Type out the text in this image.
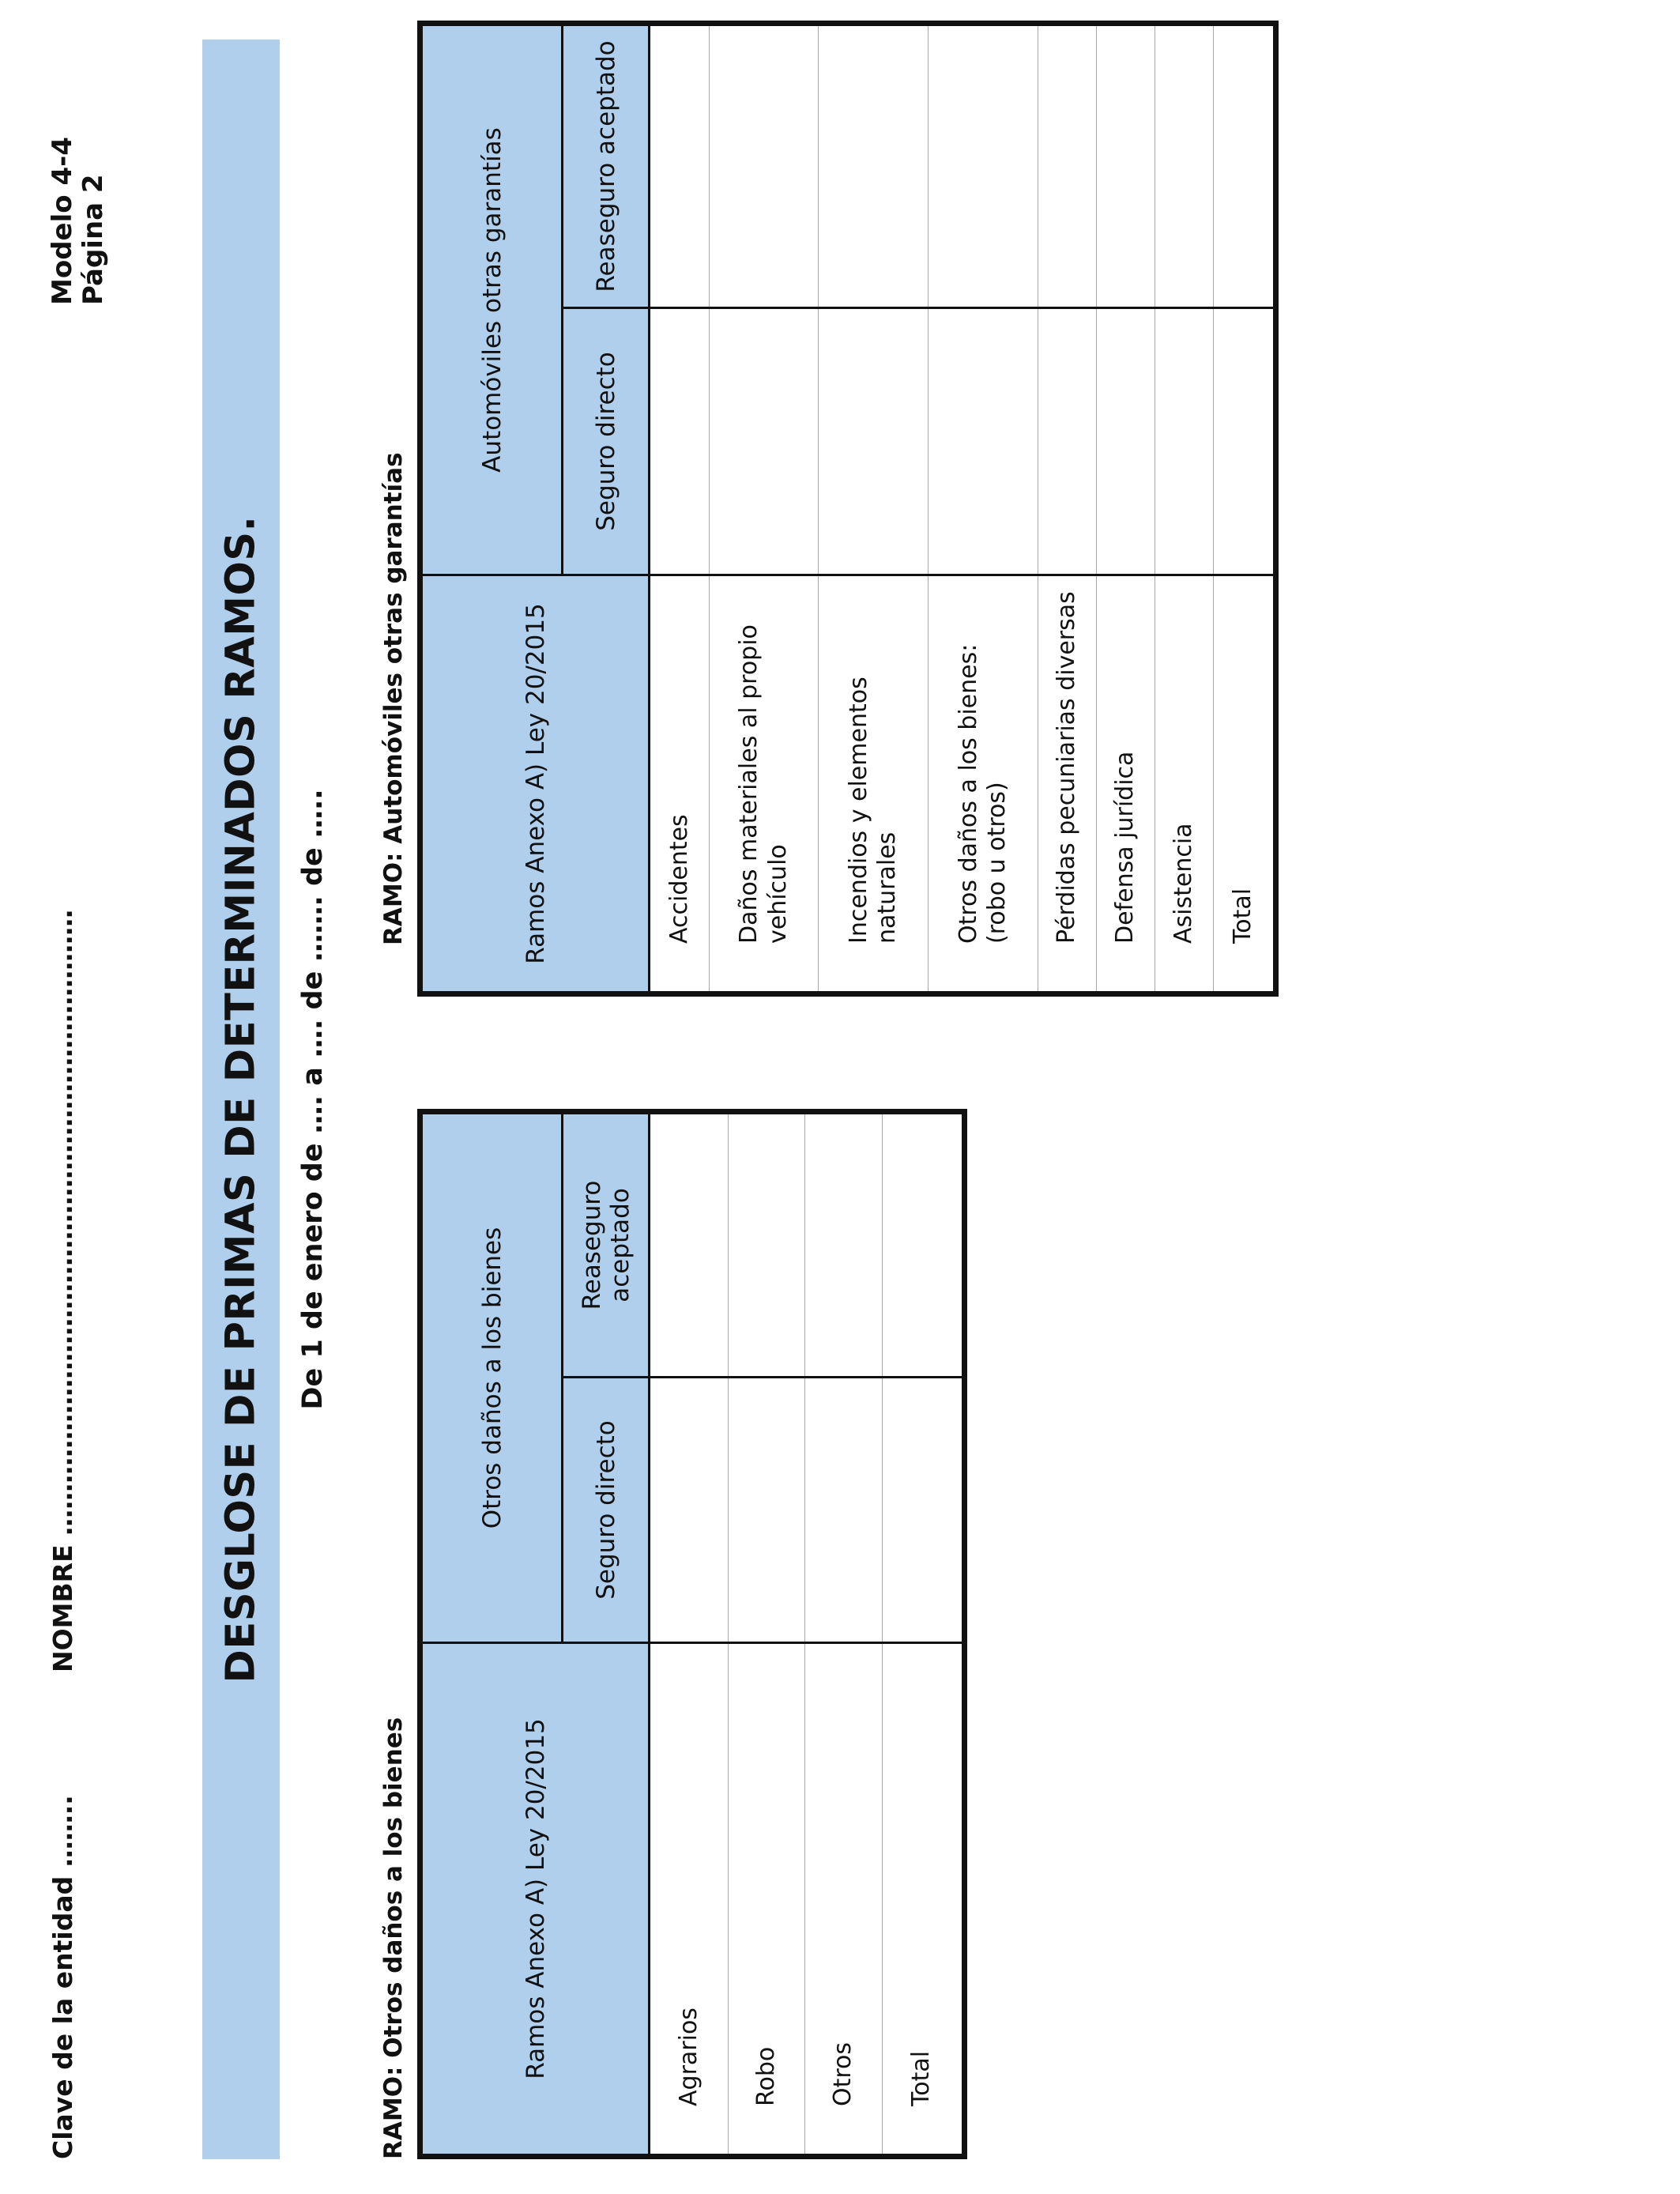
Clave de la entidad ……..
NOMBRE ………………………………………………………………
Modelo 4-4 Página 2
DESGLOSE DE PRIMAS DE DETERMINADOS RAMOS. De 1 de enero de …. a …. de ……. de …..
RAMO: Otros daños a los bienes	Ramos Anexo A) Ley 20/2015	Otros daños a los bienes	
	Seguro directo	Reaseguro aceptado
Agrarios		
Robo		
Otros		
Total		
RAMO: Automóviles otras garantías	Ramos Anexo A) Ley 20/2015	Automóviles otras garantías	
	Seguro directo	Reaseguro aceptado
Accidentes		
Daños materiales al propio
vehículo		
Incendios y elementos
naturales		
Otros daños a los bienes:
(robo u otros)		
Pérdidas pecuniarias diversas		
Defensa jurídica		
Asistencia		
Total		
